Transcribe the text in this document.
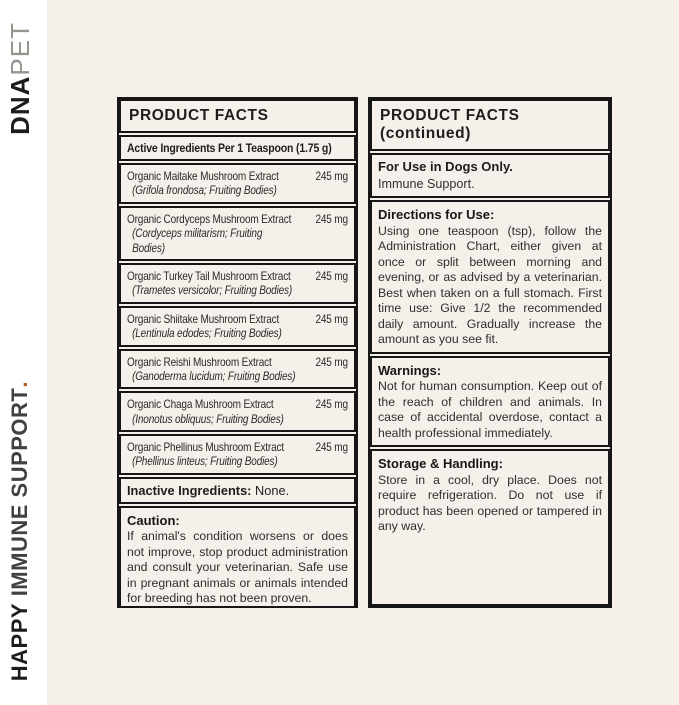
DNAPET
HAPPY IMMUNE SUPPORT.
PRODUCT FACTS
Active Ingredients Per 1 Teaspoon (1.75 g)
Organic Maitake Mushroom Extract	245 mg
(Grifola frondosa; Fruiting Bodies)
Organic Cordyceps Mushroom Extract 245 mg
(Cordyceps militarism; Fruiting
Bodies)
Organic Turkey Tail Mushroom Extract 245 mg
(Trametes versicolor; Fruiting Bodies)
Organic Shiitake Mushroom Extract	245 mg
(Lentinula edodes; Fruiting Bodies)
Organic Reishi Mushroom Extract	245 mg
(Ganoderma lucidum; Fruiting Bodies)
Organic Chaga Mushroom Extract	245 mg
(Inonotus obliquus; Fruiting Bodies)
Organic Phellinus Mushroom Extract	245 mg
(Phellinus linteus; Fruiting Bodies)
Inactive Ingredients: None.
Caution:
If animal's condition worsens or does not improve, stop product administration and consult your veterinarian. Safe use in pregnant animals or animals intended for breeding has not been proven.
PRODUCT FACTS (continued)
For Use in Dogs Only.
Immune Support.
Directions for Use:
Using one teaspoon (tsp), follow the Administration Chart, either given at once or split between morning and evening, or as advised by a veterinarian. Best when taken on a full stomach. First time use: Give 1/2 the recommended daily amount. Gradually increase the amount as you see fit.
Warnings:
Not for human consumption. Keep out of the reach of children and animals. In case of accidental overdose, contact a health professional immediately.
Storage & Handling:
Store in a cool, dry place. Does not require refrigeration. Do not use if product has been opened or tampered in any way.
